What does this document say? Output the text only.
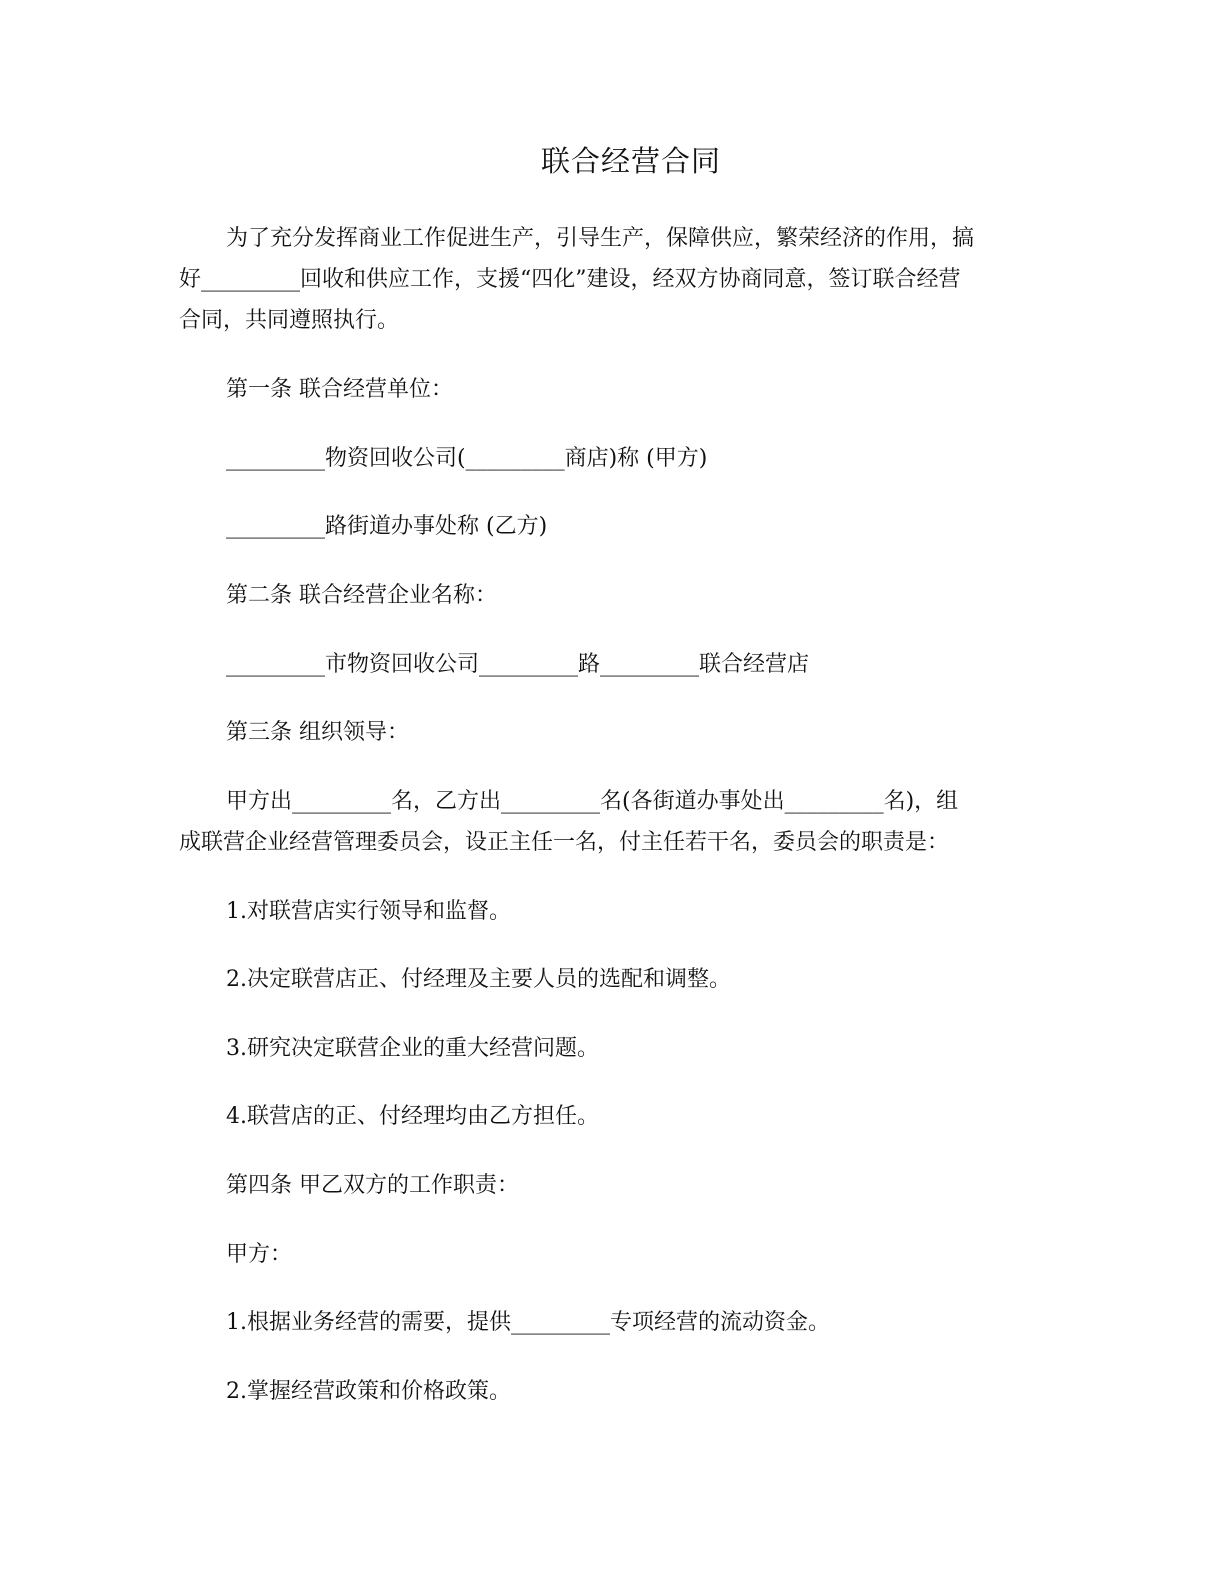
联合经营合同
为了充分发挥商业工作促进生产，引导生产，保障供应，繁荣经济的作用，搞
好_________回收和供应工作，支援“四化”建设，经双方协商同意，签订联合经营
合同，共同遵照执行。
第一条 联合经营单位：
_________物资回收公司(_________商店)称 (甲方)
_________路街道办事处称 (乙方)
第二条 联合经营企业名称：
_________市物资回收公司_________路_________联合经营店
第三条 组织领导：
甲方出_________名，乙方出_________名(各街道办事处出_________名)，组
成联营企业经营管理委员会，设正主任一名，付主任若干名，委员会的职责是：
1.对联营店实行领导和监督。
2.决定联营店正、付经理及主要人员的选配和调整。
3.研究决定联营企业的重大经营问题。
4.联营店的正、付经理均由乙方担任。
第四条 甲乙双方的工作职责：
甲方：
1.根据业务经营的需要，提供_________专项经营的流动资金。
2.掌握经营政策和价格政策。
